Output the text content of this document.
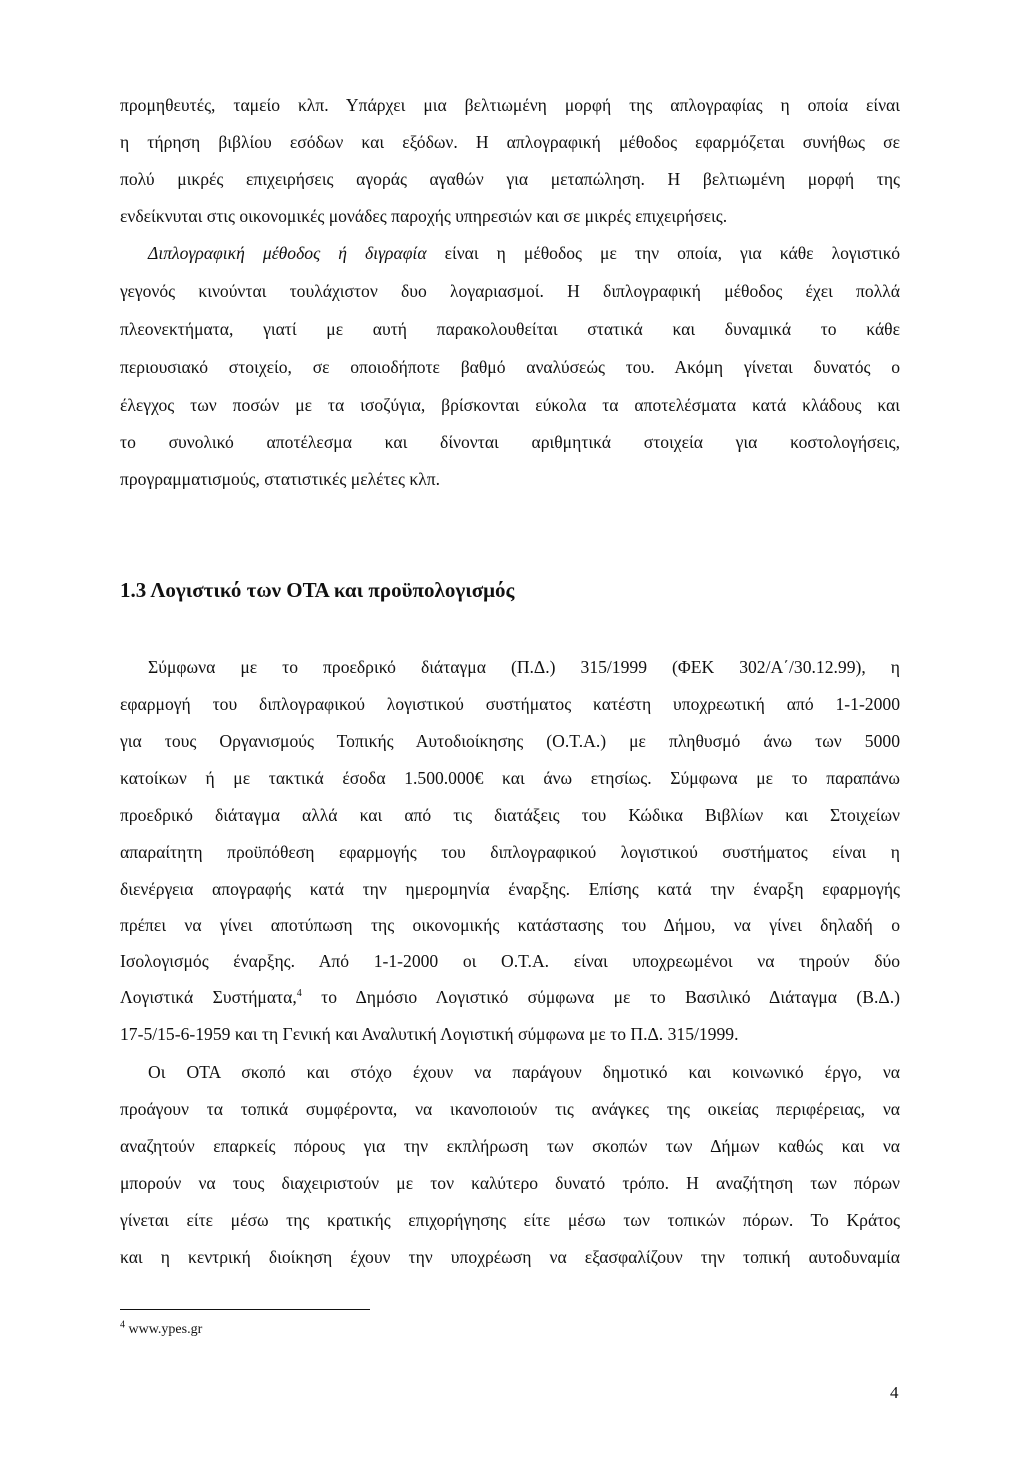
προμηθευτές, ταμείο κλπ. Υπάρχει μια βελτιωμένη μορφή της απλογραφίας η οποία είναι
η τήρηση βιβλίου εσόδων και εξόδων. Η απλογραφική μέθοδος εφαρμόζεται συνήθως σε
πολύ μικρές επιχειρήσεις αγοράς αγαθών για μεταπώληση. Η βελτιωμένη μορφή της
ενδείκνυται στις οικονομικές μονάδες παροχής υπηρεσιών και σε μικρές επιχειρήσεις.
Διπλογραφική μέθοδος ή διγραφία είναι η μέθοδος με την οποία, για κάθε λογιστικό
γεγονός κινούνται τουλάχιστον δυο λογαριασμοί. Η διπλογραφική μέθοδος έχει πολλά
πλεονεκτήματα, γιατί με αυτή παρακολουθείται στατικά και δυναμικά το κάθε
περιουσιακό στοιχείο, σε οποιοδήποτε βαθμό αναλύσεώς του. Ακόμη γίνεται δυνατός ο
έλεγχος των ποσών με τα ισοζύγια, βρίσκονται εύκολα τα αποτελέσματα κατά κλάδους και
το συνολικό αποτέλεσμα και δίνονται αριθμητικά στοιχεία για κοστολογήσεις,
προγραμματισμούς, στατιστικές μελέτες κλπ.
1.3 Λογιστικό των ΟΤΑ και προϋπολογισμός
Σύμφωνα με το προεδρικό διάταγμα (Π.Δ.) 315/1999 (ΦΕΚ 302/Α΄/30.12.99), η
εφαρμογή του διπλογραφικού λογιστικού συστήματος κατέστη υποχρεωτική από 1-1-2000
για τους Οργανισμούς Τοπικής Αυτοδιοίκησης (Ο.Τ.Α.) με πληθυσμό άνω των 5000
κατοίκων ή με τακτικά έσοδα 1.500.000€ και άνω ετησίως. Σύμφωνα με το παραπάνω
προεδρικό διάταγμα αλλά και από τις διατάξεις του Κώδικα Βιβλίων και Στοιχείων
απαραίτητη προϋπόθεση εφαρμογής του διπλογραφικού λογιστικού συστήματος είναι η
διενέργεια απογραφής κατά την ημερομηνία έναρξης. Επίσης κατά την έναρξη εφαρμογής
πρέπει να γίνει αποτύπωση της οικονομικής κατάστασης του Δήμου, να γίνει δηλαδή ο
Ισολογισμός έναρξης. Από 1-1-2000 οι Ο.Τ.Α. είναι υποχρεωμένοι να τηρούν δύο
Λογιστικά Συστήματα,$^4$ το Δημόσιο Λογιστικό σύμφωνα με το Βασιλικό Διάταγμα (Β.Δ.)
17-5/15-6-1959 και τη Γενική και Αναλυτική Λογιστική σύμφωνα με το Π.Δ. 315/1999.
Οι ΟΤΑ σκοπό και στόχο έχουν να παράγουν δημοτικό και κοινωνικό έργο, να
προάγουν τα τοπικά συμφέροντα, να ικανοποιούν τις ανάγκες της οικείας περιφέρειας, να
αναζητούν επαρκείς πόρους για την εκπλήρωση των σκοπών των Δήμων καθώς και να
μπορούν να τους διαχειριστούν με τον καλύτερο δυνατό τρόπο. Η αναζήτηση των πόρων
γίνεται είτε μέσω της κρατικής επιχορήγησης είτε μέσω των τοπικών πόρων. Το Κράτος
και η κεντρική διοίκηση έχουν την υποχρέωση να εξασφαλίζουν την τοπική αυτοδυναμία
$^4$ www.ypes.gr
4
